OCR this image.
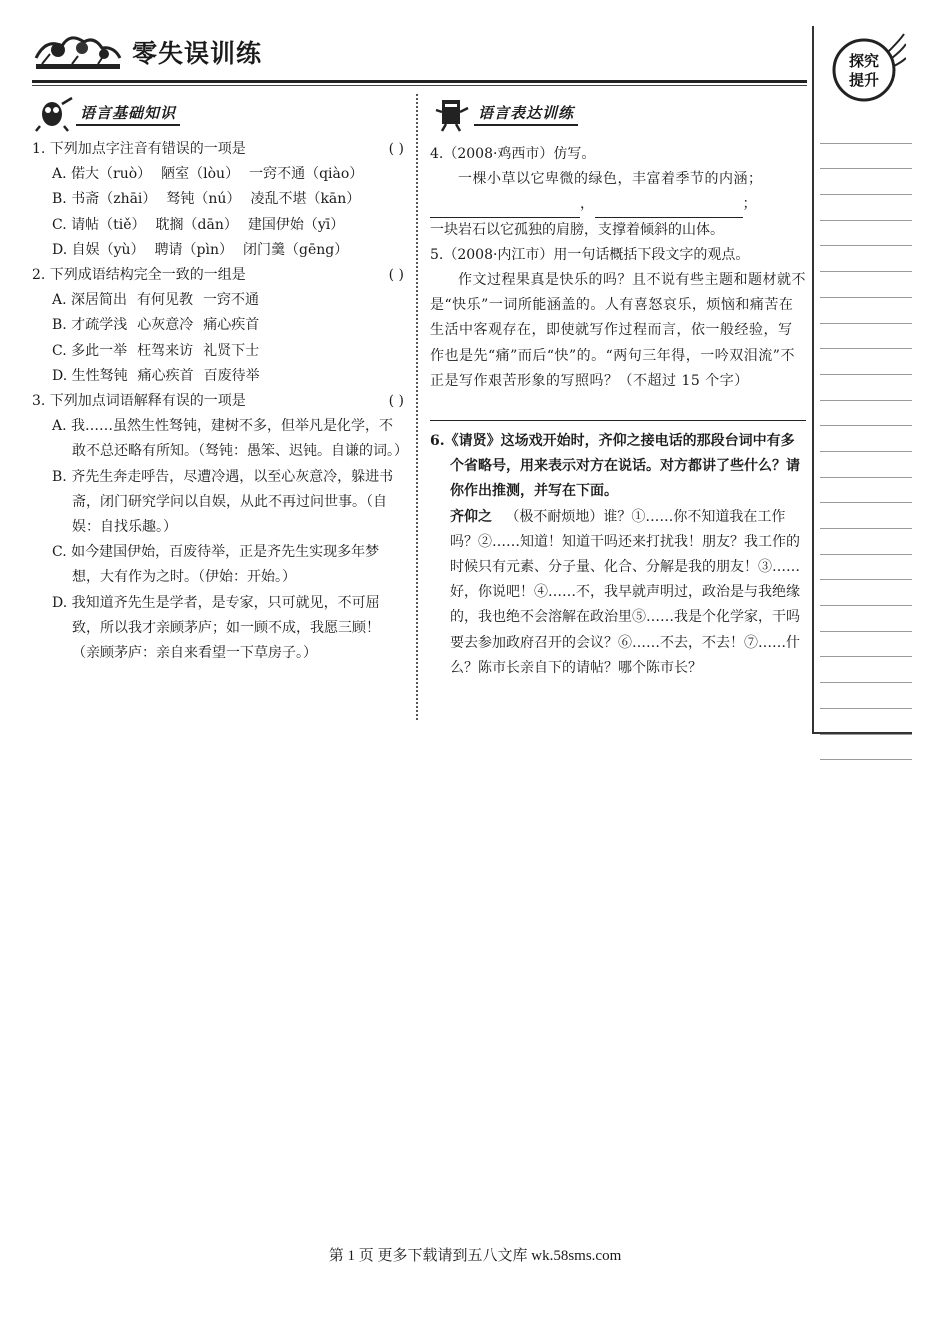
零失误训练
语言基础知识	语言表达训练
1. 下列加点字注音有错误的一项是	( )
A. 偌大（ruò） 陋室（lòu） 一窍不通（qiào）
B. 书斋（zhāi） 驽钝（nú） 凌乱不堪（kān）
C. 请帖（tiě） 耽搁（dān） 建国伊始（yī）
D. 自娱（yù） 聘请（pìn） 闭门羹（gēng）
2. 下列成语结构完全一致的一组是	( )
A. 深居简出 有何见教 一窍不通
B. 才疏学浅 心灰意冷 痛心疾首
C. 多此一举 枉驾来访 礼贤下士
D. 生性驽钝 痛心疾首 百废待举
3. 下列加点词语解释有误的一项是	( )
A. 我……虽然生性驽钝，建树不多，但举凡是化学，不敢不总还略有所知。（驽钝：愚笨、迟钝。自谦的词。）
B. 齐先生奔走呼告，尽遭冷遇，以至心灰意冷，躲进书斋，闭门研究学问以自娱，从此不再过问世事。（自娱：自找乐趣。）
C. 如今建国伊始，百废待举，正是齐先生实现多年梦想，大有作为之时。（伊始：开始。）
D. 我知道齐先生是学者，是专家，只可就见，不可屈致，所以我才亲顾茅庐；如一顾不成，我愿三顾！ （亲顾茅庐：亲自来看望一下草房子。）
4.（2008·鸡西市）仿写。
一棵小草以它卑微的绿色，丰富着季节的内涵；，	；
一块岩石以它孤独的肩膀，支撑着倾斜的山体。
5.（2008·内江市）用一句话概括下段文字的观点。
作文过程果真是快乐的吗？且不说有些主题和题材就不是“快乐”一词所能涵盖的。人有喜怒哀乐，烦恼和痛苦在生活中客观存在，即使就写作过程而言，依一般经验，写作也是先“痛”而后“快”的。“两句三年得，一吟双泪流”不正是写作艰苦形象的写照吗？（不超过 15 个字）
6.《请贤》这场戏开始时，齐仰之接电话的那段台词中有多个省略号，用来表示对方在说话。对方都讲了些什么？请你作出推测，并写在下面。
齐仰之 （极不耐烦地）谁？①……你不知道我在工作吗？②……知道！知道干吗还来打扰我！朋友？我工作的时候只有元素、分子量、化合、分解是我的朋友！③……好，你说吧！④……不，我早就声明过，政治是与我绝缘的，我也绝不会溶解在政治里⑤……我是个化学家，干吗要去参加政府召开的会议？⑥……不去，不去！⑦……什么？陈市长亲自下的请帖？哪个陈市长？
探究
提升
第 1 页 更多下载请到五八文库 wk.58sms.com
